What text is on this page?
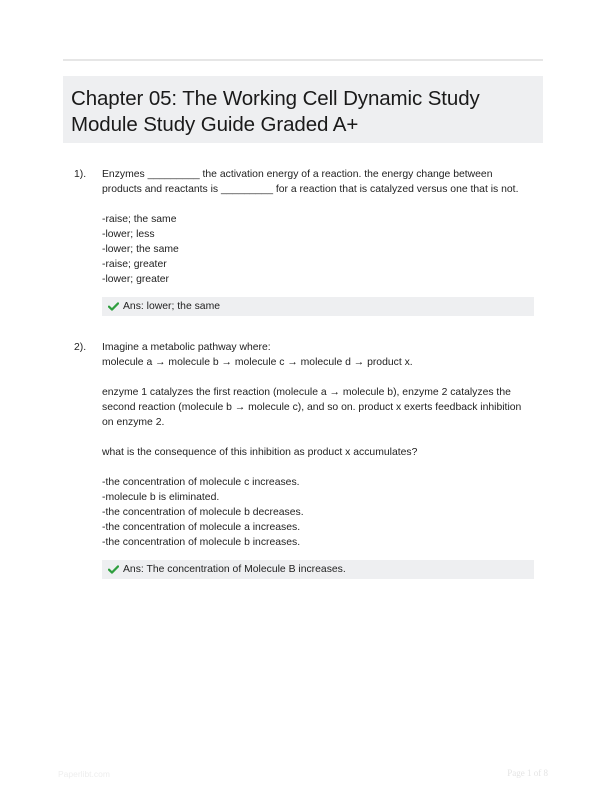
Chapter 05: The Working Cell Dynamic Study Module Study Guide Graded A+
1). Enzymes _________ the activation energy of a reaction. the energy change between

products and reactants is _________ for a reaction that is catalyzed versus one that is not.

-raise; the same

-lower; less

-lower; the same

-raise; greater

-lower; greater

Ans: lower; the same
2). Imagine a metabolic pathway where:

molecule a → molecule b → molecule c → molecule d → product x.

enzyme 1 catalyzes the first reaction (molecule a → molecule b), enzyme 2 catalyzes the

second reaction (molecule b → molecule c), and so on. product x exerts feedback inhibition

on enzyme 2.

what is the consequence of this inhibition as product x accumulates?

-the concentration of molecule c increases.

-molecule b is eliminated.

-the concentration of molecule b decreases.

-the concentration of molecule a increases.

-the concentration of molecule b increases.

Ans: The concentration of Molecule B increases.
Paperlibt.com	Page 1 of 8
